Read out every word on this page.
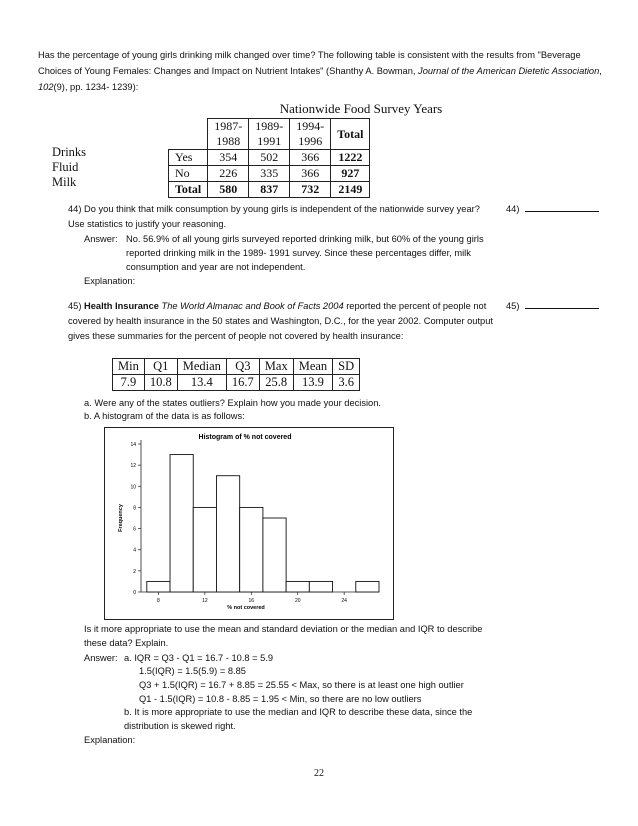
Has the percentage of young girls drinking milk changed over time? The following table is consistent with the results from "Beverage Choices of Young Females: Changes and Impact on Nutrient Intakes" (Shanthy A. Bowman, Journal of the American Dietetic Association, 102(9), pp. 1234- 1239):
Nationwide Food Survey Years
Drinks Fluid Milk
	1987-1988	1989-1991	1994-1996	Total
Yes	354	502	366	1222
No	226	335	366	927
Total	580	837	732	2149
44) Do you think that milk consumption by young girls is independent of the nationwide survey year? Use statistics to justify your reasoning.
44)
Answer: No. 56.9% of all young girls surveyed reported drinking milk, but 60% of the young girls reported drinking milk in the 1989- 1991 survey. Since these percentages differ, milk consumption and year are not independent.
Explanation:
45) Health Insurance The World Almanac and Book of Facts 2004 reported the percent of people not covered by health insurance in the 50 states and Washington, D.C., for the year 2002. Computer output gives these summaries for the percent of people not covered by health insurance:
45)
Min	Q1	Median	Q3	Max	Mean	SD
7.9	10.8	13.4	16.7	25.8	13.9	3.6
a. Were any of the states outliers? Explain how you made your decision.
b. A histogram of the data is as follows:
Histogram of % not covered
0
2
4
6
8
10
12
14
8	12	16	20	24
% not covered
Frequency
Is it more appropriate to use the mean and standard deviation or the median and IQR to describe these data? Explain.
Answer: a. IQR = Q3 - Q1 = 16.7 - 10.8 = 5.9
1.5(IQR) = 1.5(5.9) = 8.85
Q3 + 1.5(IQR) = 16.7 + 8.85 = 25.55 < Max, so there is at least one high outlier
Q1 - 1.5(IQR) = 10.8 - 8.85 = 1.95 < Min, so there are no low outliers
b. It is more appropriate to use the median and IQR to describe these data, since the distribution is skewed right.
Explanation:
22
